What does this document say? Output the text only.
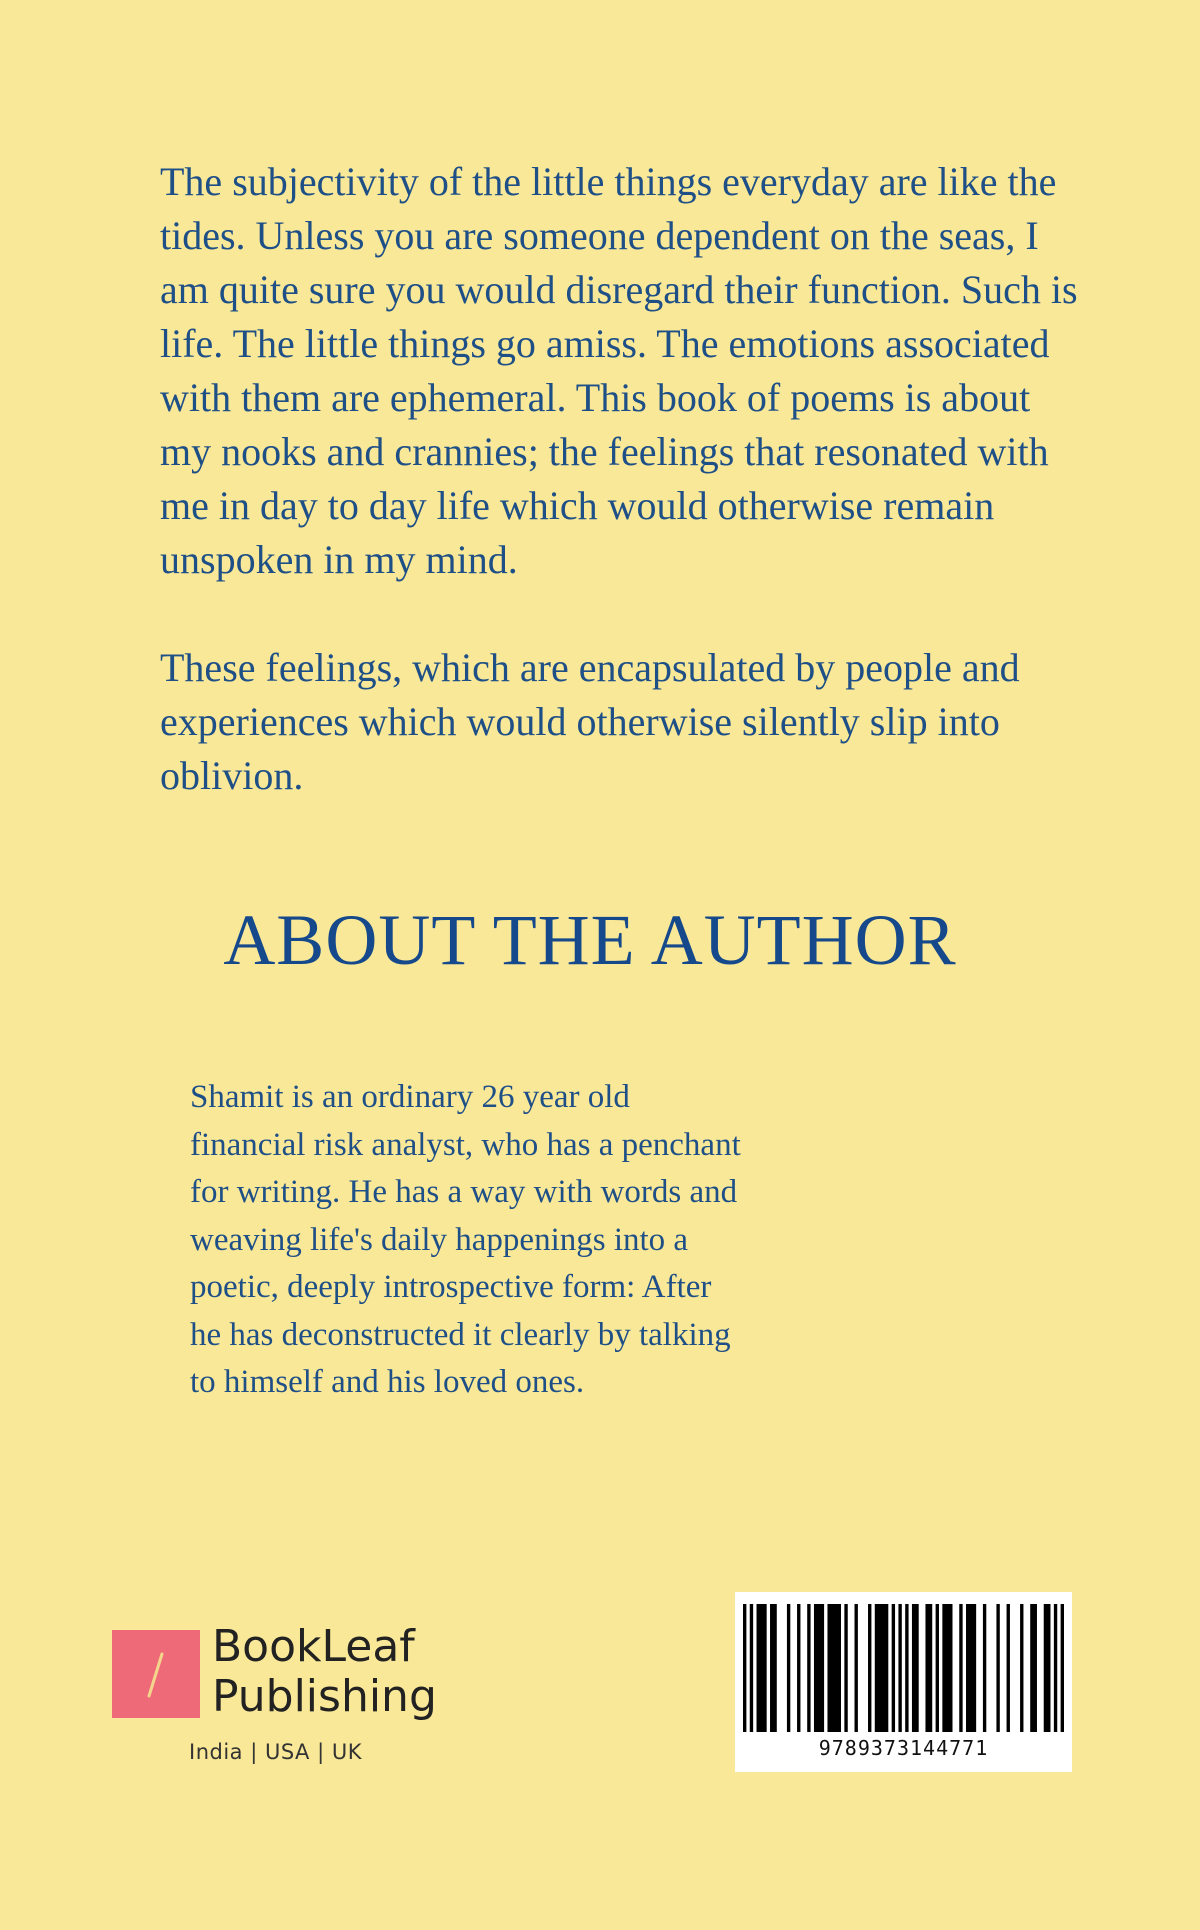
The subjectivity of the little things everyday are like the tides. Unless you are someone dependent on the seas, I am quite sure you would disregard their function. Such is life. The little things go amiss. The emotions associated with them are ephemeral. This book of poems is about my nooks and crannies; the feelings that resonated with me in day to day life which would otherwise remain unspoken in my mind.

These feelings, which are encapsulated by people and experiences which would otherwise silently slip into oblivion.

ABOUT THE AUTHOR

Shamit is an ordinary 26 year old financial risk analyst, who has a penchant for writing. He has a way with words and weaving life's daily happenings into a poetic, deeply introspective form: After he has deconstructed it clearly by talking to himself and his loved ones.

BookLeaf
Publishing
India | USA | UK	9789373144771
